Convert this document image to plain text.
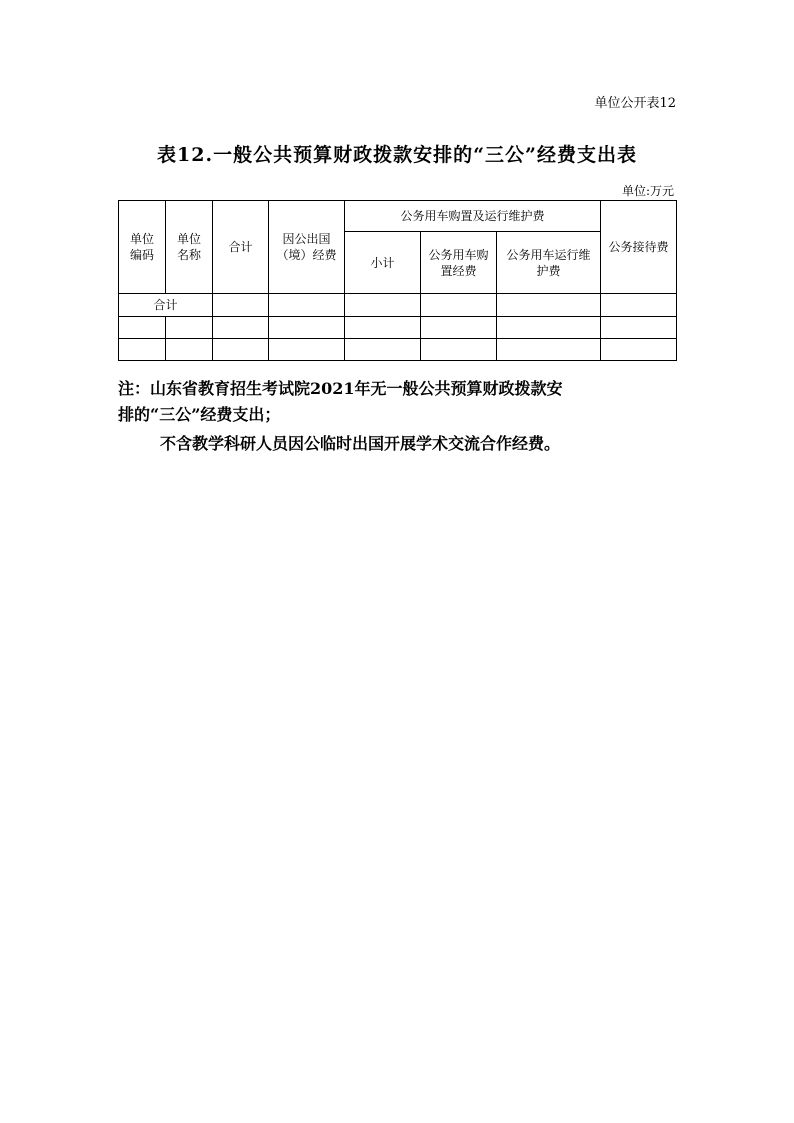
单位公开表12
表12.一般公共预算财政拨款安排的“三公”经费支出表
单位:万元
单位编码	单位名称	合计	因公出国（境）经费	公务用车购置及运行维护费			公务接待费
				小计	公务用车购置经费	公务用车运行维护费	
合计							

注：山东省教育招生考试院2021年无一般公共预算财政拨款安
排的“三公”经费支出；
不含教学科研人员因公临时出国开展学术交流合作经费。
